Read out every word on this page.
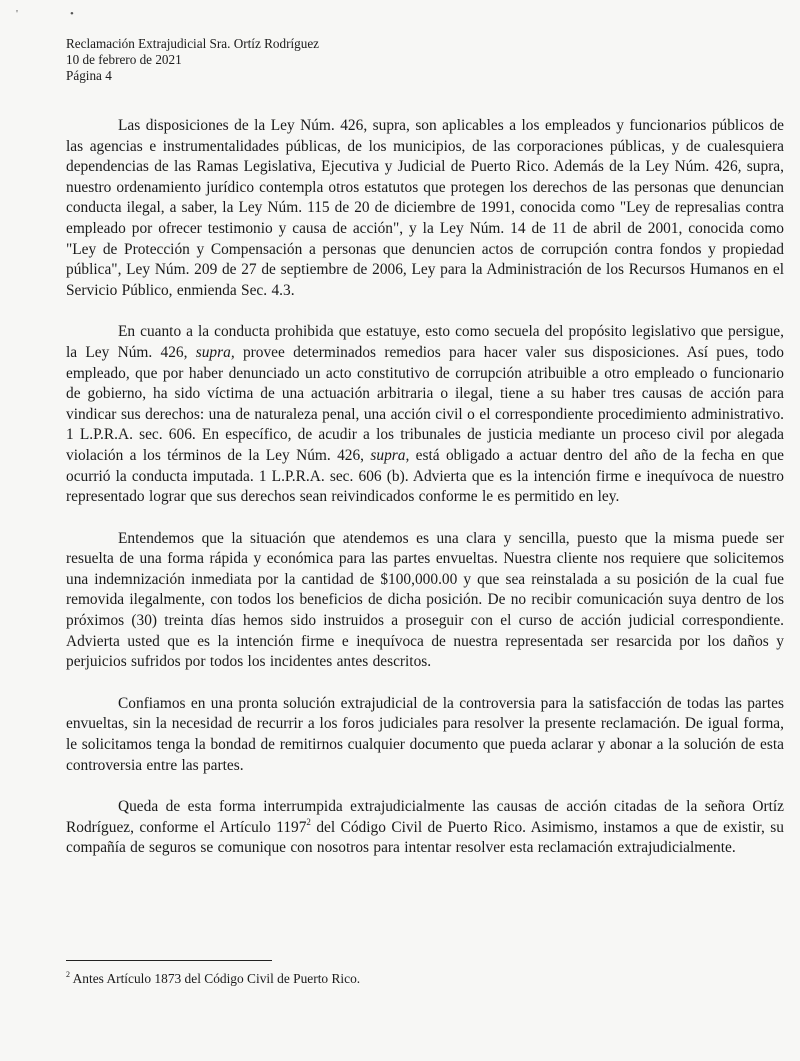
'	•
Reclamación Extrajudicial Sra. Ortíz Rodríguez
10 de febrero de 2021
Página 4

Las disposiciones de la Ley Núm. 426, supra, son aplicables a los empleados y funcionarios públicos de las agencias e instrumentalidades públicas, de los municipios, de las corporaciones públicas, y de cualesquiera dependencias de las Ramas Legislativa, Ejecutiva y Judicial de Puerto Rico. Además de la Ley Núm. 426, supra, nuestro ordenamiento jurídico contempla otros estatutos que protegen los derechos de las personas que denuncian conducta ilegal, a saber, la Ley Núm. 115 de 20 de diciembre de 1991, conocida como "Ley de represalias contra empleado por ofrecer testimonio y causa de acción", y la Ley Núm. 14 de 11 de abril de 2001, conocida como "Ley de Protección y Compensación a personas que denuncien actos de corrupción contra fondos y propiedad pública", Ley Núm. 209 de 27 de septiembre de 2006, Ley para la Administración de los Recursos Humanos en el Servicio Público, enmienda Sec. 4.3.

En cuanto a la conducta prohibida que estatuye, esto como secuela del propósito legislativo que persigue, la Ley Núm. 426, supra, provee determinados remedios para hacer valer sus disposiciones. Así pues, todo empleado, que por haber denunciado un acto constitutivo de corrupción atribuible a otro empleado o funcionario de gobierno, ha sido víctima de una actuación arbitraria o ilegal, tiene a su haber tres causas de acción para vindicar sus derechos: una de naturaleza penal, una acción civil o el correspondiente procedimiento administrativo. 1 L.P.R.A. sec. 606. En específico, de acudir a los tribunales de justicia mediante un proceso civil por alegada violación a los términos de la Ley Núm. 426, supra, está obligado a actuar dentro del año de la fecha en que ocurrió la conducta imputada. 1 L.P.R.A. sec. 606 (b). Advierta que es la intención firme e inequívoca de nuestro representado lograr que sus derechos sean reivindicados conforme le es permitido en ley.

Entendemos que la situación que atendemos es una clara y sencilla, puesto que la misma puede ser resuelta de una forma rápida y económica para las partes envueltas. Nuestra cliente nos requiere que solicitemos una indemnización inmediata por la cantidad de $100,000.00 y que sea reinstalada a su posición de la cual fue removida ilegalmente, con todos los beneficios de dicha posición. De no recibir comunicación suya dentro de los próximos (30) treinta días hemos sido instruidos a proseguir con el curso de acción judicial correspondiente. Advierta usted que es la intención firme e inequívoca de nuestra representada ser resarcida por los daños y perjuicios sufridos por todos los incidentes antes descritos.

Confiamos en una pronta solución extrajudicial de la controversia para la satisfacción de todas las partes envueltas, sin la necesidad de recurrir a los foros judiciales para resolver la presente reclamación. De igual forma, le solicitamos tenga la bondad de remitirnos cualquier documento que pueda aclarar y abonar a la solución de esta controversia entre las partes.

Queda de esta forma interrumpida extrajudicialmente las causas de acción citadas de la señora Ortíz Rodríguez, conforme el Artículo 1197$^2$ del Código Civil de Puerto Rico. Asimismo, instamos a que de existir, su compañía de seguros se comunique con nosotros para intentar resolver esta reclamación extrajudicialmente.

$^2$ Antes Artículo 1873 del Código Civil de Puerto Rico.
